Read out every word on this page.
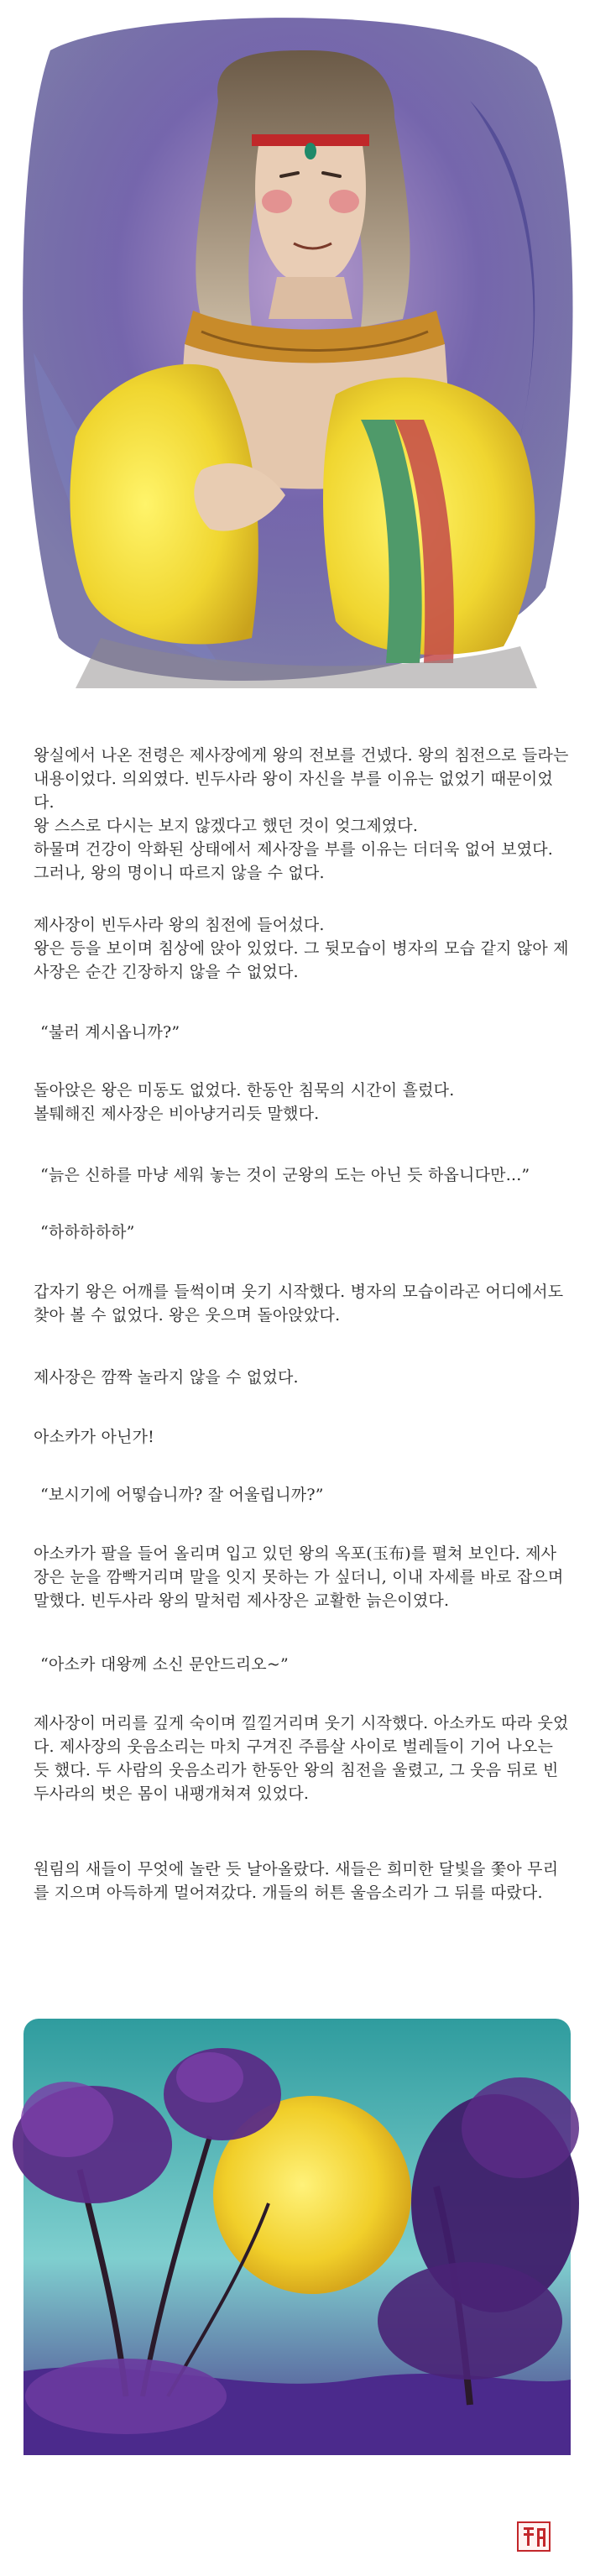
왕실에서 나온 전령은 제사장에게 왕의 전보를 건넸다. 왕의 침전으로 들라는 내용이었다. 의외였다. 빈두사라 왕이 자신을 부를 이유는 없었기 때문이었다.

왕 스스로 다시는 보지 않겠다고 했던 것이 엊그제였다.

하물며 건강이 악화된 상태에서 제사장을 부를 이유는 더더욱 없어 보였다. 그러나, 왕의 명이니 따르지 않을 수 없다.

제사장이 빈두사라 왕의 침전에 들어섰다.

왕은 등을 보이며 침상에 앉아 있었다. 그 뒷모습이 병자의 모습 같지 않아 제사장은 순간 긴장하지 않을 수 없었다.

“불러 계시옵니까?”

돌아앉은 왕은 미동도 없었다. 한동안 침묵의 시간이 흘렀다.

볼퉤해진 제사장은 비아냥거리듯 말했다.

“늙은 신하를 마냥 세워 놓는 것이 군왕의 도는 아닌 듯 하옵니다만...”

“하하하하하”

갑자기 왕은 어깨를 들썩이며 웃기 시작했다. 병자의 모습이라곤 어디에서도 찾아 볼 수 없었다. 왕은 웃으며 돌아앉았다.

제사장은 깜짝 놀라지 않을 수 없었다.

아소카가 아닌가!

“보시기에 어떻습니까? 잘 어울립니까?”

아소카가 팔을 들어 올리며 입고 있던 왕의 옥포(玉布)를 펼쳐 보인다. 제사장은 눈을 깜빡거리며 말을 잇지 못하는 가 싶더니, 이내 자세를 바로 잡으며 말했다. 빈두사라 왕의 말처럼 제사장은 교활한 늙은이였다.

“아소카 대왕께 소신 문안드리오~”

제사장이 머리를 깊게 숙이며 낄낄거리며 웃기 시작했다. 아소카도 따라 웃었다. 제사장의 웃음소리는 마치 구겨진 주름살 사이로 벌레들이 기어 나오는 듯 했다. 두 사람의 웃음소리가 한동안 왕의 침전을 울렸고, 그 웃음 뒤로 빈두사라의 벗은 몸이 내팽개쳐져 있었다.

원림의 새들이 무엇에 놀란 듯 날아올랐다. 새들은 희미한 달빛을 쫓아 무리를 지으며 아득하게 멀어져갔다. 개들의 허튼 울음소리가 그 뒤를 따랐다.
